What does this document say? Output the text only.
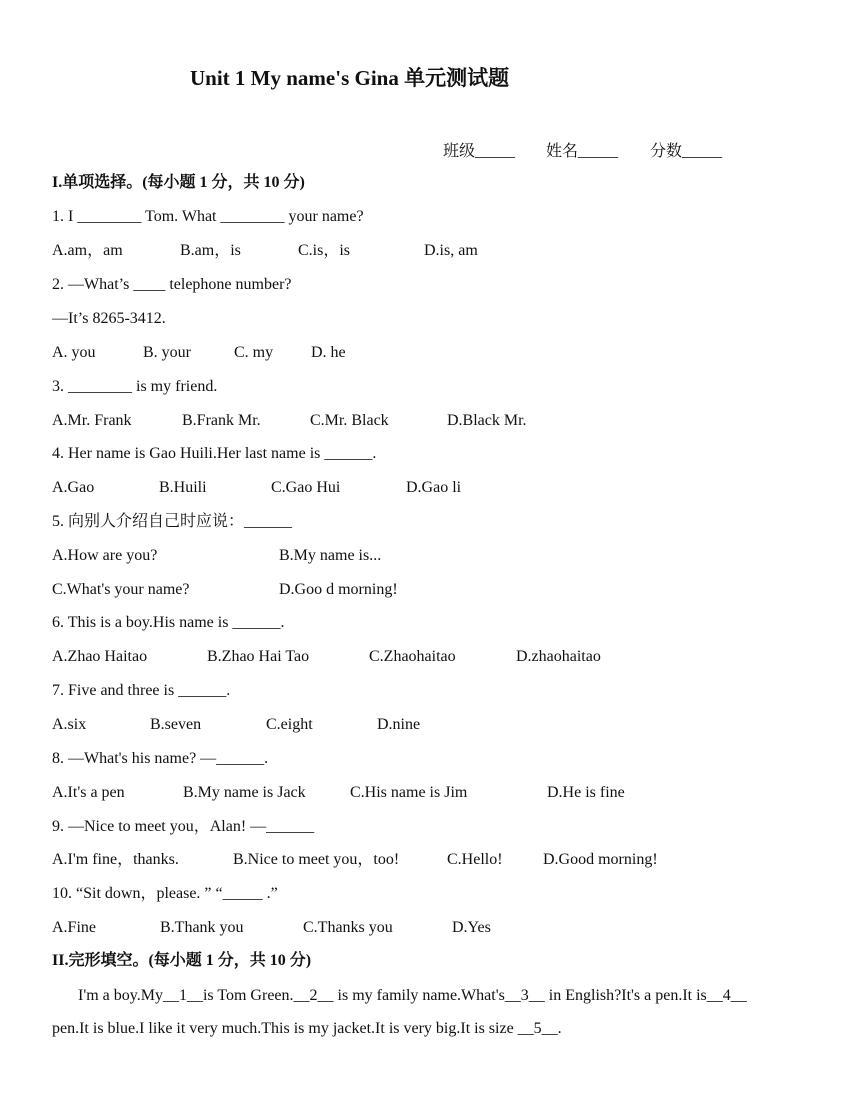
Unit 1 My name's Gina 单元测试题
班级_____ 姓名_____ 分数_____
I.单项选择。(每小题 1 分，共 10 分)
1. I ________ Tom. What ________ your name?
A.am，am	B.am，is	C.is，is	D.is, am
2. —What’s ____ telephone number?
—It’s 8265-3412.
A. you	B. your	C. my D. he
3. ________ is my friend.
A.Mr. Frank	B.Frank Mr.	C.Mr. Black	D.Black Mr.
4. Her name is Gao Huili.Her last name is ______.
A.Gao	B.Huili	C.Gao Hui	D.Gao li
5. 向别人介绍自己时应说：______
A.How are you?	B.My name is...
C.What's your name?	D.Goo d morning!
6. This is a boy.His name is ______.
A.Zhao Haitao	B.Zhao Hai Tao	C.Zhaohaitao	D.zhaohaitao
7. Five and three is ______.
A.six	B.seven	C.eight	D.nine
8. —What's his name? —______.
A.It's a pen	B.My name is Jack	C.His name is Jim	D.He is fine
9. —Nice to meet you，Alan! —______
A.I'm fine，thanks.	B.Nice to meet you，too!	C.Hello!	D.Good morning!
10. “Sit down，please. ” “_____ .”
A.Fine	B.Thank you	C.Thanks you	D.Yes
II.完形填空。(每小题 1 分，共 10 分)
I'm a boy.My__1__is Tom Green.__2__ is my family name.What's__3__ in English?It's a pen.It is__4__
pen.It is blue.I like it very much.This is my jacket.It is very big.It is size __5__.
